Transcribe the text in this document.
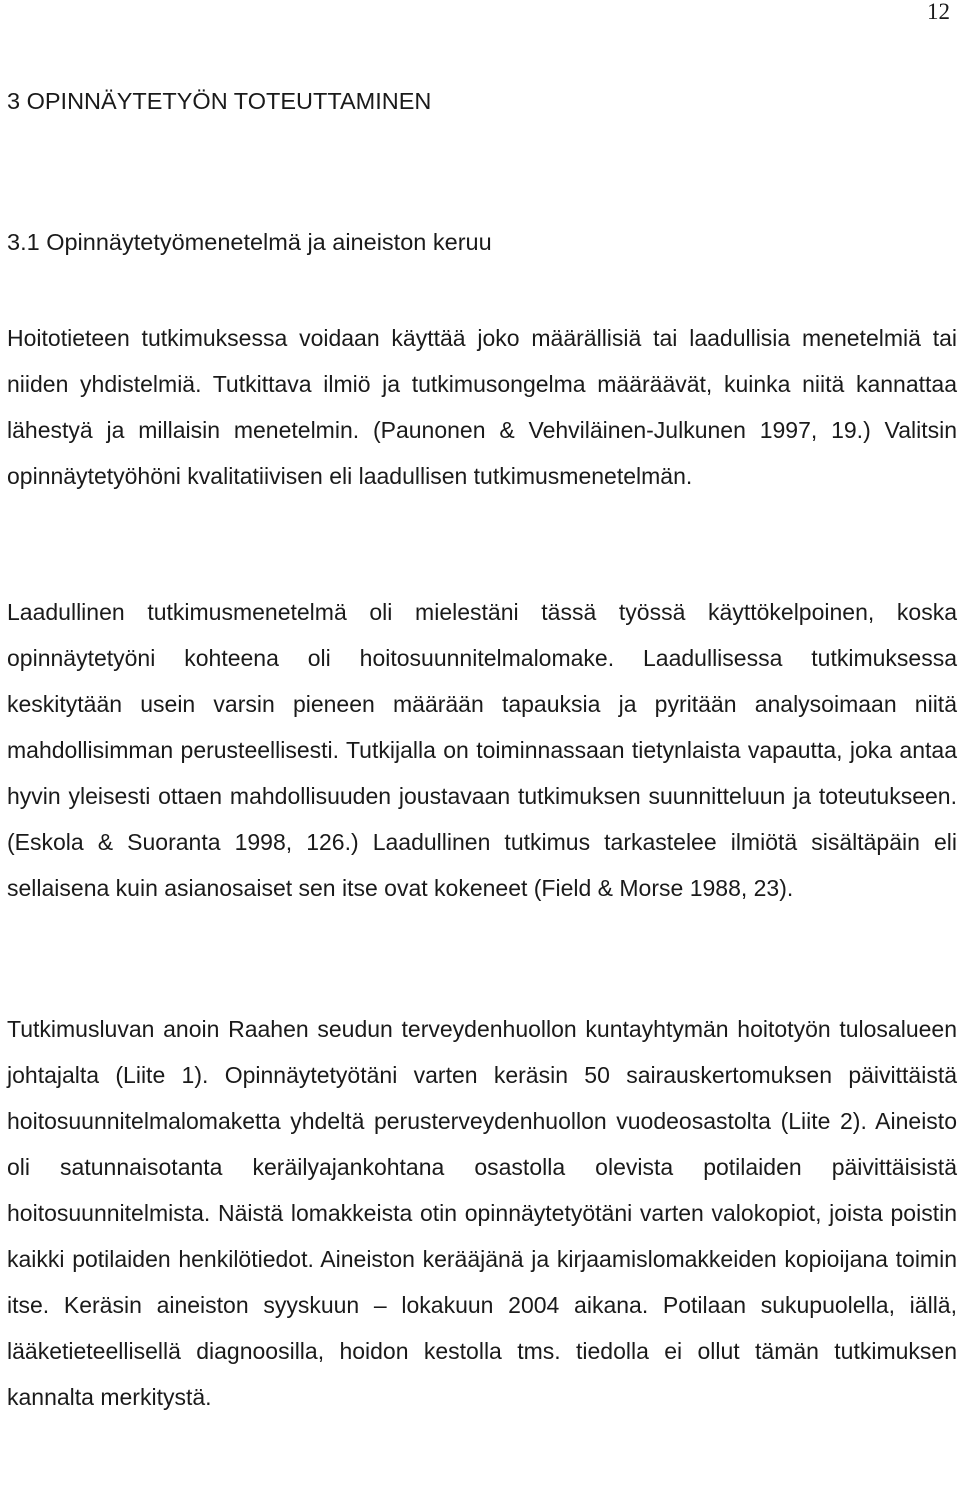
12
3 OPINNÄYTETYÖN TOTEUTTAMINEN
3.1 Opinnäytetyömenetelmä ja aineiston keruu

Hoitotieteen tutkimuksessa voidaan käyttää joko määrällisiä tai laadullisia menetelmiä tai niiden yhdistelmiä. Tutkittava ilmiö ja tutkimusongelma määräävät, kuinka niitä kannattaa lähestyä ja millaisin menetelmin. (Paunonen & Vehviläinen-Julkunen 1997, 19.) Valitsin opinnäytetyöhöni kvalitatiivisen eli laadullisen tutkimusmenetelmän.

Laadullinen tutkimusmenetelmä oli mielestäni tässä työssä käyttökelpoinen, koska opinnäytetyöni kohteena oli hoitosuunnitelmalomake. Laadullisessa tutkimuksessa keskitytään usein varsin pieneen määrään tapauksia ja pyritään analysoimaan niitä mahdollisimman perusteellisesti. Tutkijalla on toiminnassaan tietynlaista vapautta, joka antaa hyvin yleisesti ottaen mahdollisuuden joustavaan tutkimuksen suunnitteluun ja toteutukseen. (Eskola & Suoranta 1998, 126.) Laadullinen tutkimus tarkastelee ilmiötä sisältäpäin eli sellaisena kuin asianosaiset sen itse ovat kokeneet (Field & Morse 1988, 23).

Tutkimusluvan anoin Raahen seudun terveydenhuollon kuntayhtymän hoitotyön tulosalueen johtajalta (Liite 1). Opinnäytetyötäni varten keräsin 50 sairauskertomuksen päivittäistä hoitosuunnitelmalomaketta yhdeltä perusterveydenhuollon vuodeosastolta (Liite 2). Aineisto oli satunnaisotanta keräilyajankohtana osastolla olevista potilaiden päivittäisistä hoitosuunnitelmista. Näistä lomakkeista otin opinnäytetyötäni varten valokopiot, joista poistin kaikki potilaiden henkilötiedot. Aineiston kerääjänä ja kirjaamislomakkeiden kopioijana toimin itse. Keräsin aineiston syyskuun – lokakuun 2004 aikana. Potilaan sukupuolella, iällä, lääketieteellisellä diagnoosilla, hoidon kestolla tms. tiedolla ei ollut tämän tutkimuksen kannalta merkitystä.
